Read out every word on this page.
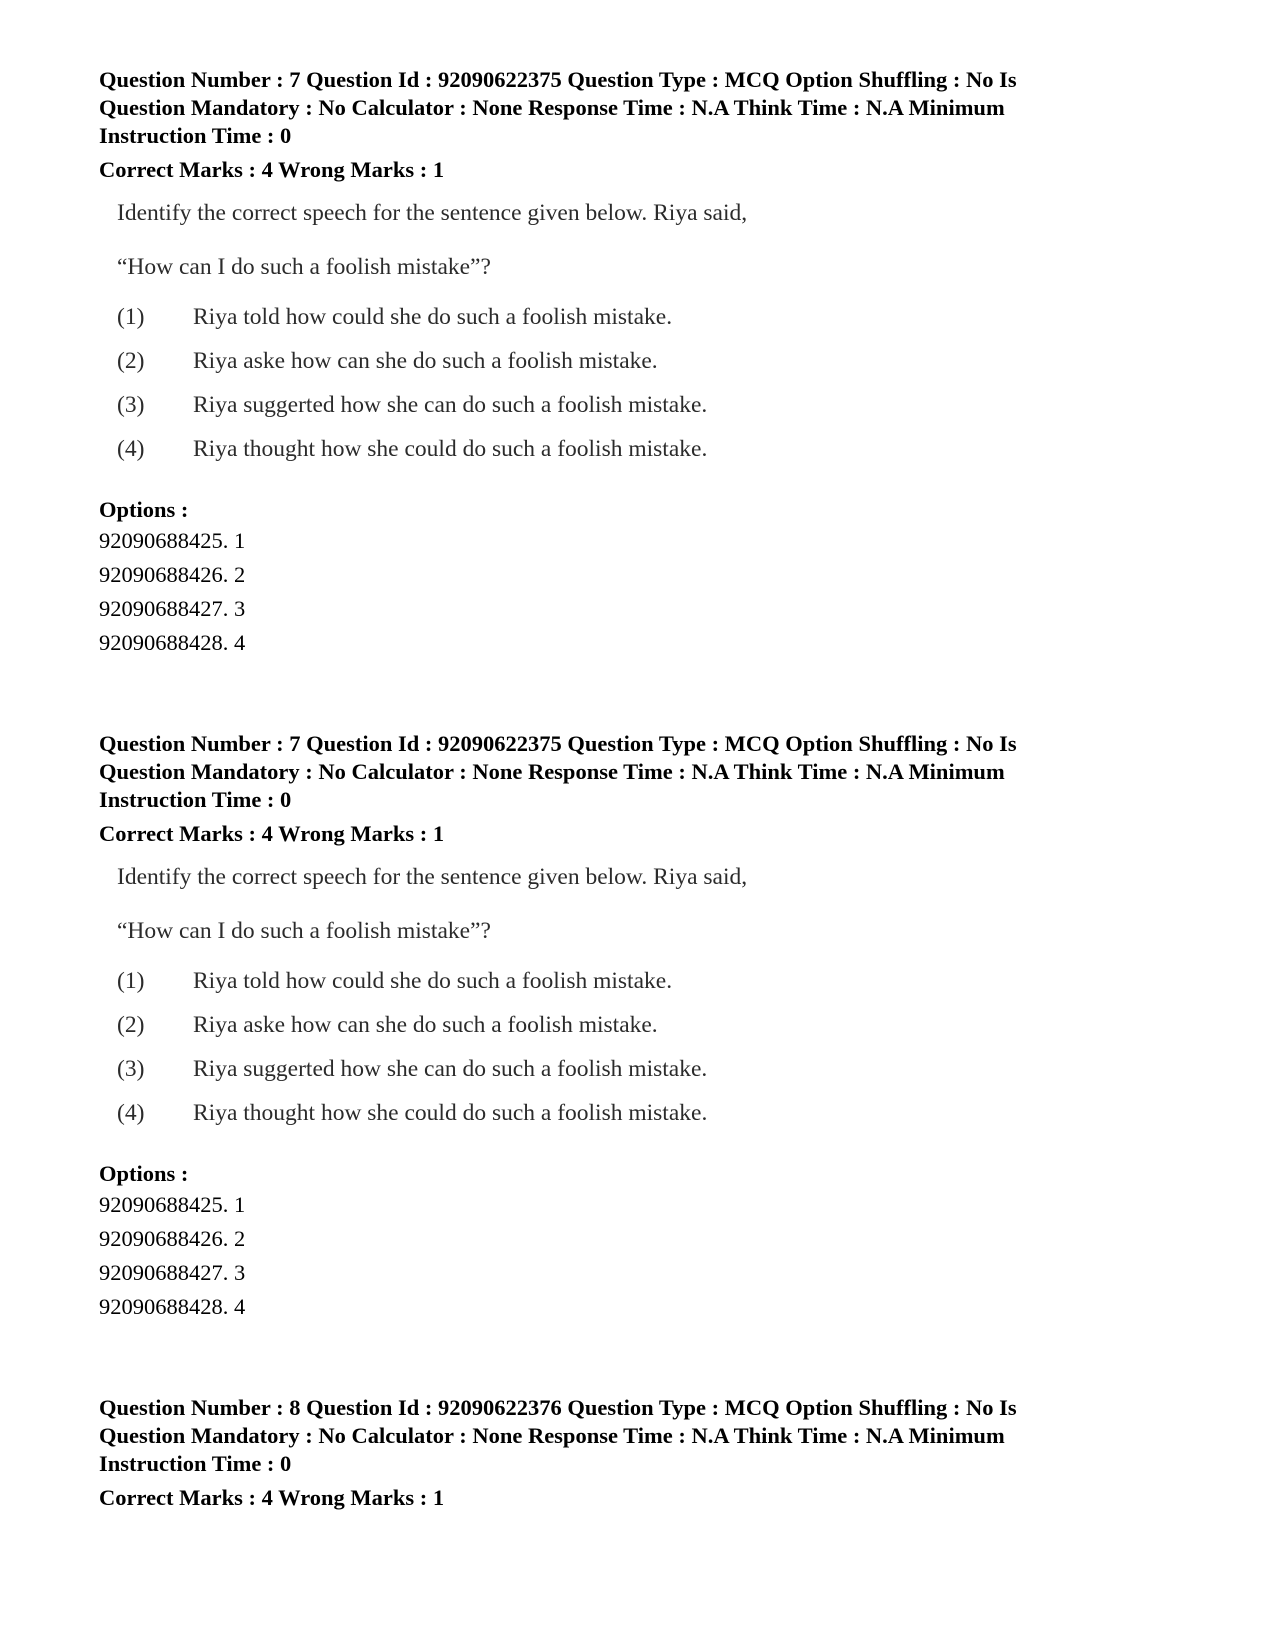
Question Number : 7 Question Id : 92090622375 Question Type : MCQ Option Shuffling : No Is
Question Mandatory : No Calculator : None Response Time : N.A Think Time : N.A Minimum
Instruction Time : 0
Correct Marks : 4 Wrong Marks : 1
Identify the correct speech for the sentence given below. Riya said,
“How can I do such a foolish mistake”?
(1)	Riya told how could she do such a foolish mistake.
(2)	Riya aske how can she do such a foolish mistake.
(3)	Riya suggerted how she can do such a foolish mistake.
(4)	Riya thought how she could do such a foolish mistake.
Options :
92090688425. 1
92090688426. 2
92090688427. 3
92090688428. 4
Question Number : 7 Question Id : 92090622375 Question Type : MCQ Option Shuffling : No Is
Question Mandatory : No Calculator : None Response Time : N.A Think Time : N.A Minimum
Instruction Time : 0
Correct Marks : 4 Wrong Marks : 1
Identify the correct speech for the sentence given below. Riya said,
“How can I do such a foolish mistake”?
(1)	Riya told how could she do such a foolish mistake.
(2)	Riya aske how can she do such a foolish mistake.
(3)	Riya suggerted how she can do such a foolish mistake.
(4)	Riya thought how she could do such a foolish mistake.
Options :
92090688425. 1
92090688426. 2
92090688427. 3
92090688428. 4
Question Number : 8 Question Id : 92090622376 Question Type : MCQ Option Shuffling : No Is
Question Mandatory : No Calculator : None Response Time : N.A Think Time : N.A Minimum
Instruction Time : 0
Correct Marks : 4 Wrong Marks : 1
